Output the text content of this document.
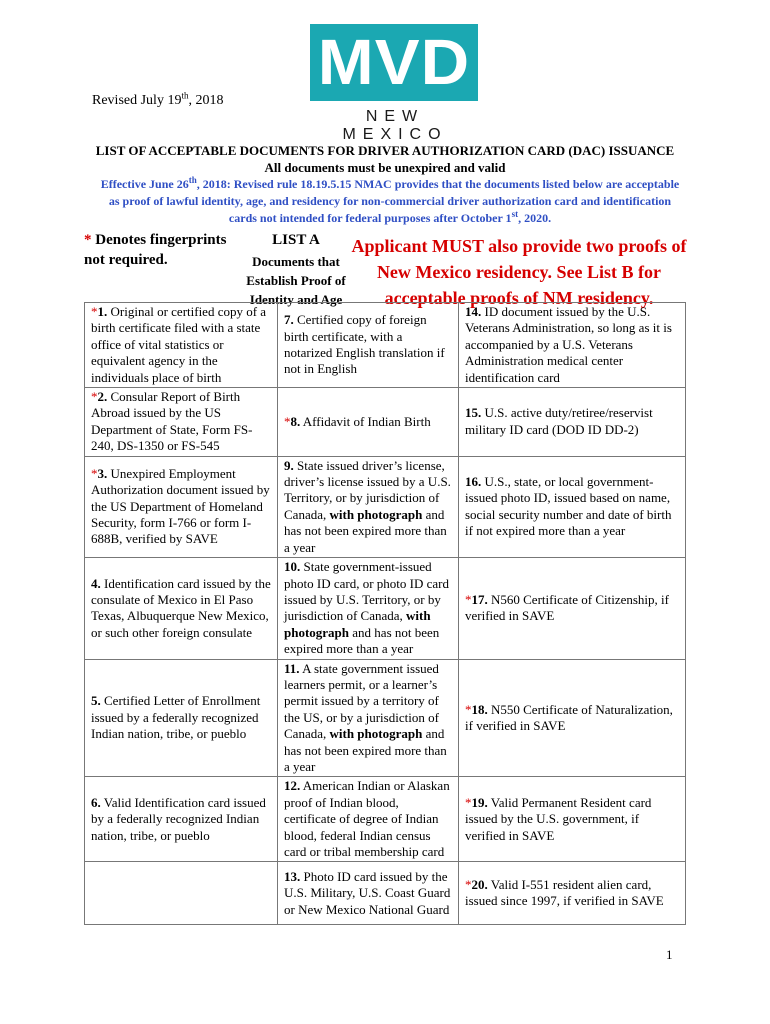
MVD
NEW MEXICO
Revised July 19th, 2018
LIST OF ACCEPTABLE DOCUMENTS FOR DRIVER AUTHORIZATION CARD (DAC) ISSUANCE
All documents must be unexpired and valid
Effective June 26th, 2018: Revised rule 18.19.5.15 NMAC provides that the documents listed below are acceptable as proof of lawful identity, age, and residency for non-commercial driver authorization card and identification cards not intended for federal purposes after October 1st, 2020.
* Denotes fingerprints not required.
LIST A
Documents that Establish Proof of Identity and Age
Applicant MUST also provide two proofs of New Mexico residency. See List B for acceptable proofs of NM residency.
*1. Original or certified copy of a birth certificate filed with a state office of vital statistics or equivalent agency in the individuals place of birth	7. Certified copy of foreign birth certificate, with a notarized English translation if not in English	14. ID document issued by the U.S. Veterans Administration, so long as it is accompanied by a U.S. Veterans Administration medical center identification card
*2. Consular Report of Birth Abroad issued by the US Department of State, Form FS-240, DS-1350 or FS-545	*8. Affidavit of Indian Birth	15. U.S. active duty/retiree/reservist military ID card (DOD ID DD-2)
*3. Unexpired Employment Authorization document issued by the US Department of Homeland Security, form I-766 or form I-688B, verified by SAVE	9. State issued driver’s license, driver’s license issued by a U.S. Territory, or by jurisdiction of Canada, with photograph and has not been expired more than a year	16. U.S., state, or local government-issued photo ID, issued based on name, social security number and date of birth if not expired more than a year
4. Identification card issued by the consulate of Mexico in El Paso Texas, Albuquerque New Mexico, or such other foreign consulate	10. State government-issued photo ID card, or photo ID card issued by U.S. Territory, or by jurisdiction of Canada, with photograph and has not been expired more than a year	*17. N560 Certificate of Citizenship, if verified in SAVE
5. Certified Letter of Enrollment issued by a federally recognized Indian nation, tribe, or pueblo	11. A state government issued learners permit, or a learner’s permit issued by a territory of the US, or by a jurisdiction of Canada, with photograph and has not been expired more than a year	*18. N550 Certificate of Naturalization, if verified in SAVE
6. Valid Identification card issued by a federally recognized Indian nation, tribe, or pueblo	12. American Indian or Alaskan proof of Indian blood, certificate of degree of Indian blood, federal Indian census card or tribal membership card	*19. Valid Permanent Resident card issued by the U.S. government, if verified in SAVE
	13. Photo ID card issued by the U.S. Military, U.S. Coast Guard or New Mexico National Guard	*20. Valid I-551 resident alien card, issued since 1997, if verified in SAVE
1
